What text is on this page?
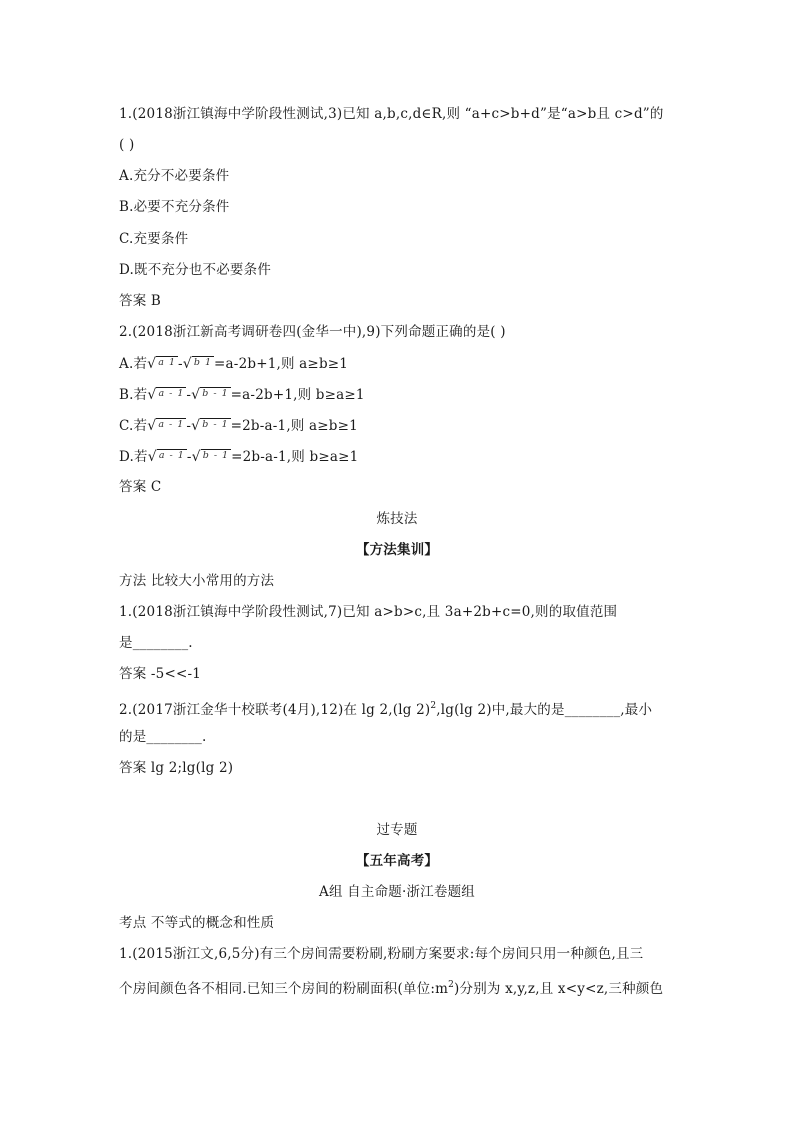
1.(2018浙江镇海中学阶段性测试,3)已知 a,b,c,d∈R,则 “a+c>b+d”是“a>b且 c>d”的
( )
A.充分不必要条件
B.必要不充分条件
C.充要条件
D.既不充分也不必要条件
答案 B
2.(2018浙江新高考调研卷四(金华一中),9)下列命题正确的是( )
A.若√ $^{a 1}$ -√ $^{b 1}$ =a-2b+1,则 a≥b≥1
B.若√ $^{a - 1}$ -√ $^{b - 1}$ =a-2b+1,则 b≥a≥1
C.若√ $^{a - 1}$ -√ $^{b - 1}$ =2b-a-1,则 a≥b≥1
D.若√ $^{a - 1}$ -√ $^{b - 1}$ =2b-a-1,则 b≥a≥1
答案 C
炼技法
【方法集训】
方法 比较大小常用的方法
1.(2018浙江镇海中学阶段性测试,7)已知 a>b>c,且 3a+2b+c=0,则的取值范围
是________.
答案 -5<<-1
2.(2017浙江金华十校联考(4月),12)在 lg 2,(lg 2)$^2$,lg(lg 2)中,最大的是________,最小
的是________.
答案 lg 2;lg(lg 2)
过专题
【五年高考】
A组 自主命题·浙江卷题组
考点 不等式的概念和性质
1.(2015浙江文,6,5分)有三个房间需要粉刷,粉刷方案要求:每个房间只用一种颜色,且三
个房间颜色各不相同.已知三个房间的粉刷面积(单位$:m^2$)分别为 x,y,z,且 x<y<z,三种颜色
